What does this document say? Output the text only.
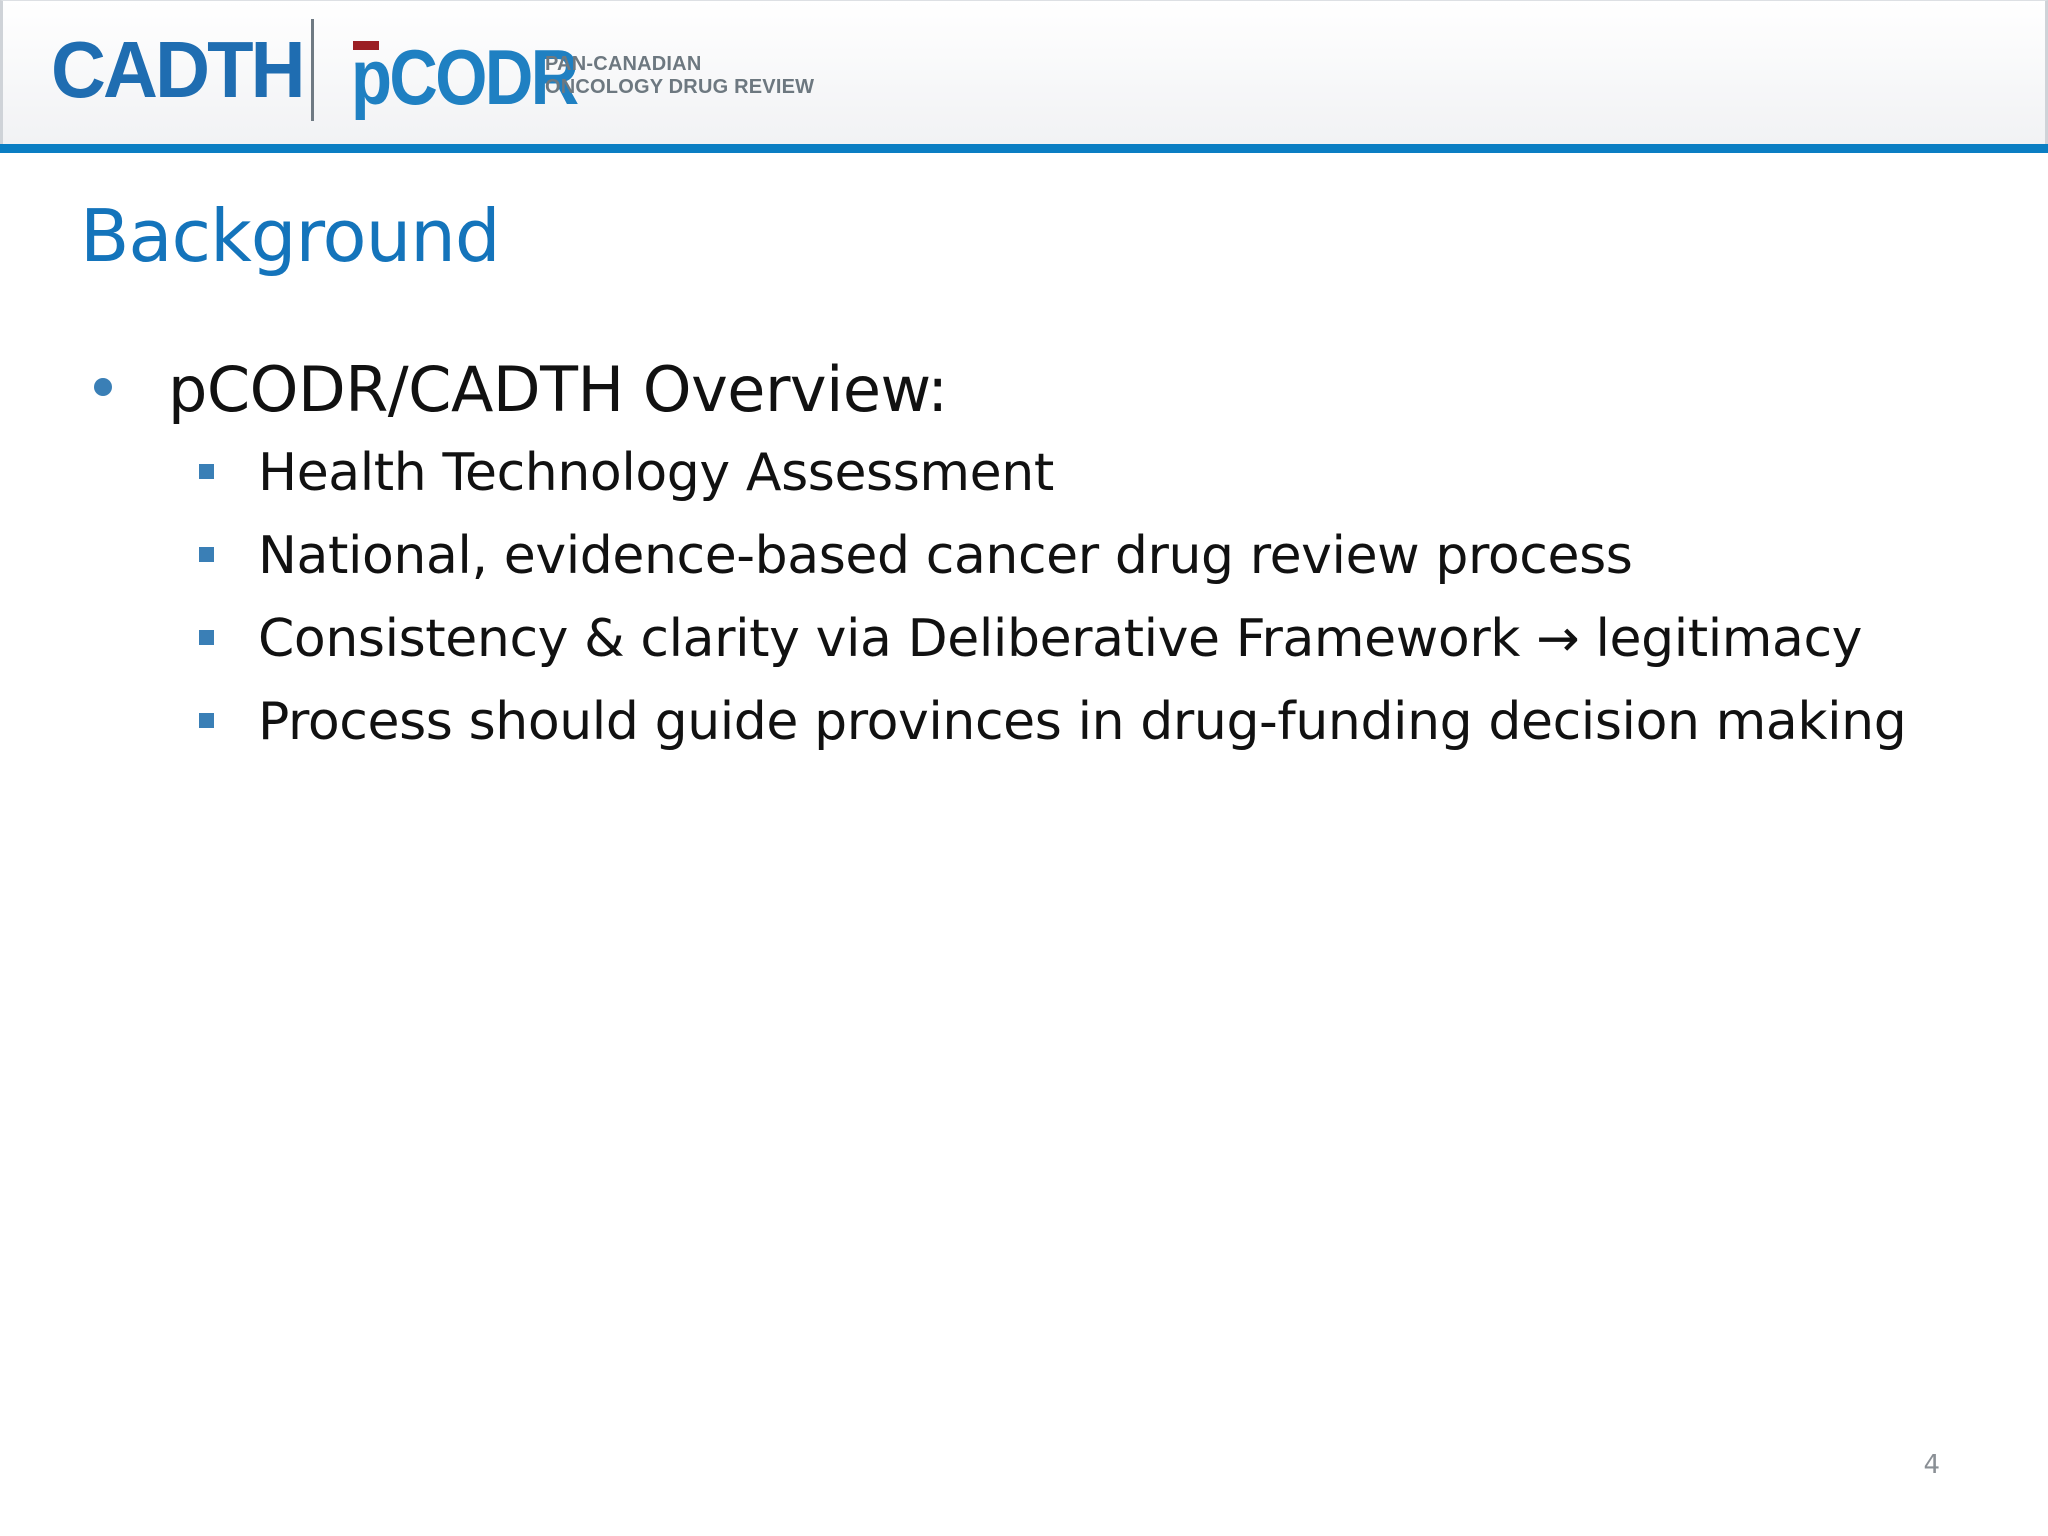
CADTH pCODR
PAN-CANADIAN
ONCOLOGY DRUG REVIEW
Background
pCODR/CADTH Overview:
Health Technology Assessment
National, evidence-based cancer drug review process
Consistency & clarity via Deliberative Framework → legitimacy
Process should guide provinces in drug-funding decision making
4
